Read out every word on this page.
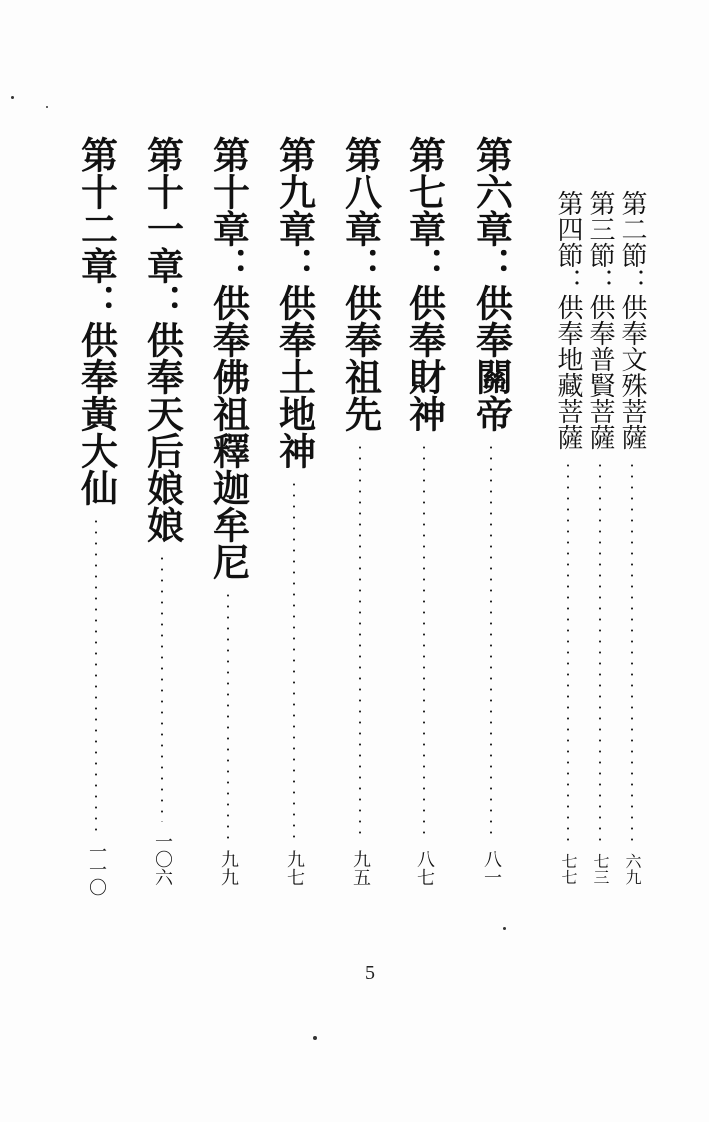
第二節：供奉文殊菩薩
六九
第三節：供奉普賢菩薩
七三
第四節：供奉地藏菩薩
七七
第六章：供奉關帝
八一
第七章：供奉財神
八七
第八章：供奉祖先
九五
第九章：供奉土地神
九七
第十章：供奉佛祖釋迦牟尼
九九
第十一章：供奉天后娘娘
一〇六
第十二章：供奉黃大仙
一一〇
5
